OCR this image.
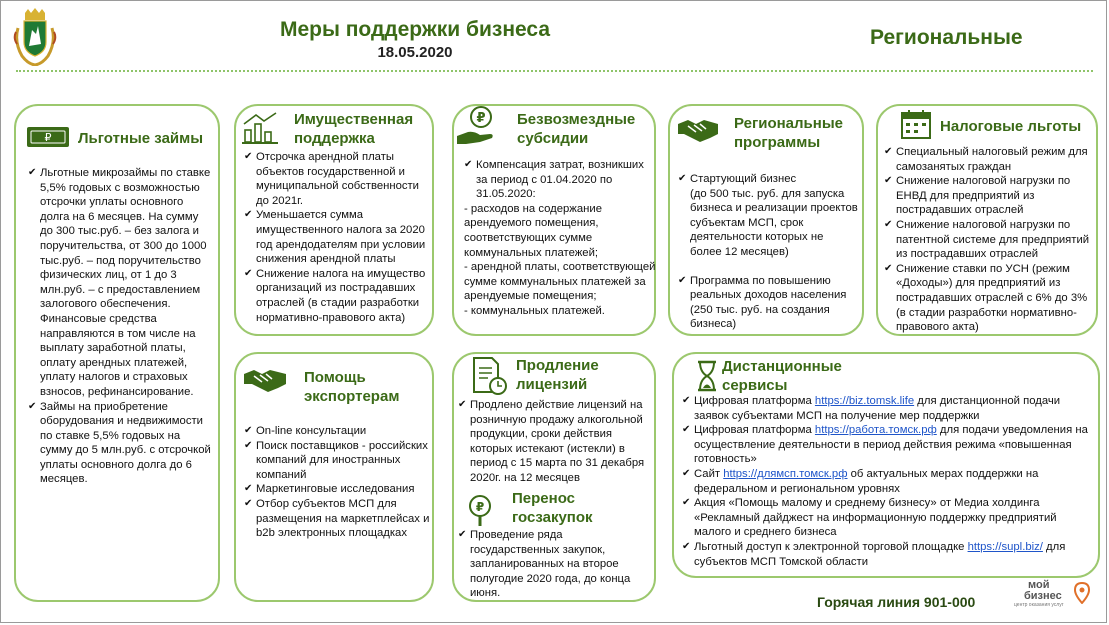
Меры поддержки бизнеса
18.05.2020
Региональные
₽ Льготные займы
✔ Льготные микрозаймы по ставке 5,5% годовых с возможностью отсрочки уплаты основного долга на 6 месяцев. На сумму до 300 тыс.руб. – без залога и поручительства, от 300 до 1000 тыс.руб. – под поручительство физических лиц, от 1 до 3 млн.руб. – с предоставлением залогового обеспечения. Финансовые средства направляются в том числе на выплату заработной платы, оплату арендных платежей, уплату налогов и страховых взносов, рефинансирование.
✔ Займы на приобретение оборудования и недвижимости по ставке 5,5% годовых на сумму до 5 млн.руб. с отсрочкой уплаты основного долга до 6 месяцев.
Имущественная
поддержка
✔ Отсрочка арендной платы объектов государственной и муниципальной собственности до 2021г.
✔ Уменьшается сумма имущественного налога за 2020 год арендодателям при условии снижения арендной платы
✔ Снижение налога на имущество организаций из пострадавших отраслей (в стадии разработки нормативно-правового акта)
₽ Безвозмездные
субсидии
✔ Компенсация затрат, возникших за период с 01.04.2020 по 31.05.2020:
- расходов на содержание арендуемого помещения, соответствующих сумме коммунальных платежей;
- арендной платы, соответствующей сумме коммунальных платежей за арендуемые помещения;
- коммунальных платежей.
Региональные
программы
✔ Стартующий бизнес
(до 500 тыс. руб. для запуска бизнеса и реализации проектов субъектам МСП, срок деятельности которых не более 12 месяцев)
✔ Программа по повышению реальных доходов населения (250 тыс. руб. на создания бизнеса)
Налоговые льготы
✔ Специальный налоговый режим для самозанятых граждан
✔ Снижение налоговой нагрузки по ЕНВД для предприятий из пострадавших отраслей
✔ Снижение налоговой нагрузки по патентной системе для предприятий из пострадавших отраслей
✔ Снижение ставки по УСН (режим «Доходы») для предприятий из пострадавших отраслей с 6% до 3% (в стадии разработки нормативно-правового акта)
Помощь
экспортерам
✔ On-line консультации
✔ Поиск поставщиков - российских компаний для иностранных компаний
✔ Маркетинговые исследования
✔ Отбор субъектов МСП для размещения на маркетплейсах и b2b электронных площадках
Продление
лицензий
✔ Продлено действие лицензий на розничную продажу алкогольной продукции, сроки действия которых истекают (истекли) в период с 15 марта по 31 декабря 2020г. на 12 месяцев
₽ Перенос
госзакупок
✔ Проведение ряда государственных закупок, запланированных на второе полугодие 2020 года, до конца июня.
Дистанционные
сервисы
✔ Цифровая платформа https://biz.tomsk.life для дистанционной подачи заявок субъектами МСП на получение мер поддержки
✔ Цифровая платформа https://работа.томск.рф для подачи уведомления на осуществление деятельности в период действия режима «повышенная готовность»
✔ Сайт https://длямсп.томск.рф об актуальных мерах поддержки на федеральном и региональном уровнях
✔ Акция «Помощь малому и среднему бизнесу» от Медиа холдинга «Рекламный дайджест на информационную поддержку предприятий малого и среднего бизнеса
✔ Льготный доступ к электронной торговой площадке https://supl.biz/ для субъектов МСП Томской области
Горячая линия 901-000
мой
бизнес
центр оказания услуг
